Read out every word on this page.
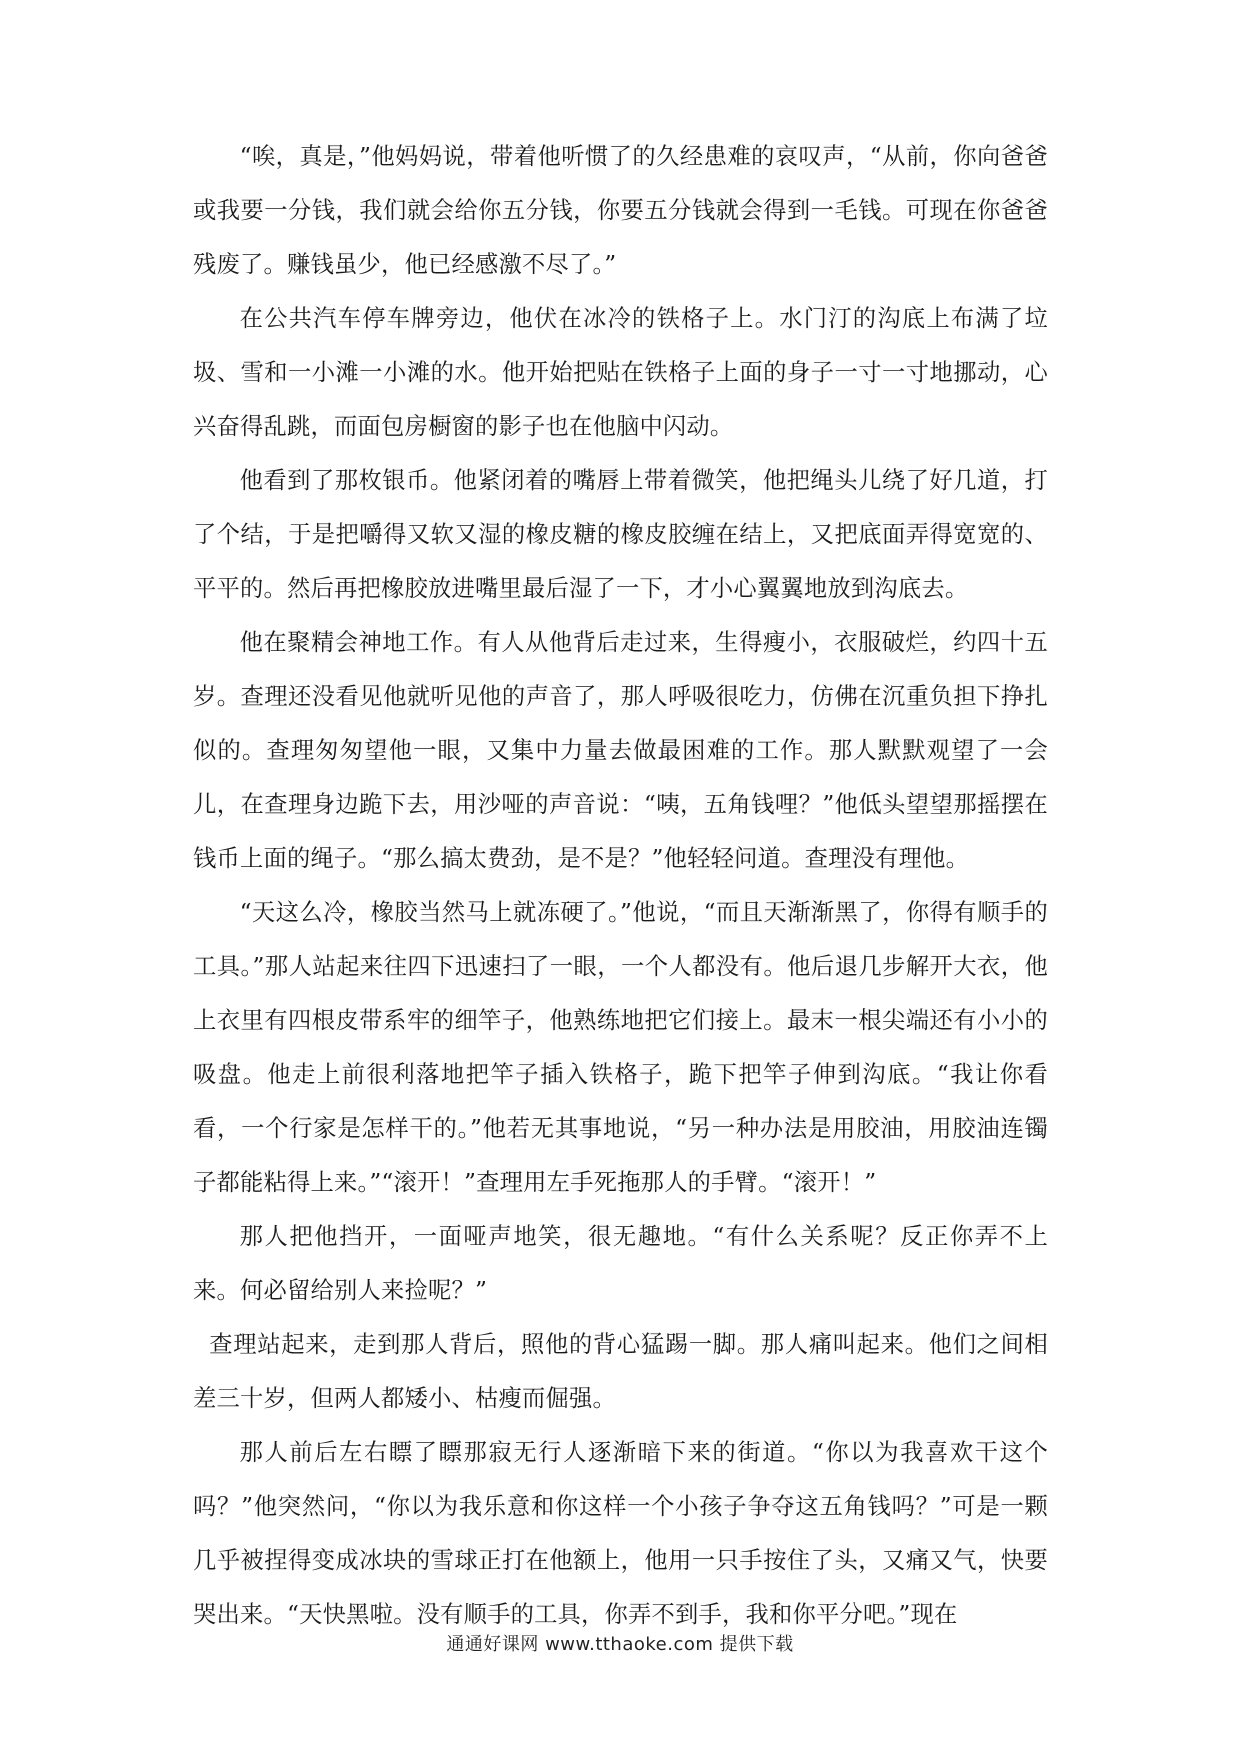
“唉，真是，”他妈妈说，带着他听惯了的久经患难的哀叹声，“从前，你向爸爸或我要一分钱，我们就会给你五分钱，你要五分钱就会得到一毛钱。可现在你爸爸残废了。赚钱虽少，他已经感激不尽了。”

在公共汽车停车牌旁边，他伏在冰冷的铁格子上。水门汀的沟底上布满了垃圾、雪和一小滩一小滩的水。他开始把贴在铁格子上面的身子一寸一寸地挪动，心兴奋得乱跳，而面包房橱窗的影子也在他脑中闪动。

他看到了那枚银币。他紧闭着的嘴唇上带着微笑，他把绳头儿绕了好几道，打了个结，于是把嚼得又软又湿的橡皮糖的橡皮胶缠在结上，又把底面弄得宽宽的、平平的。然后再把橡胶放进嘴里最后湿了一下，才小心翼翼地放到沟底去。

他在聚精会神地工作。有人从他背后走过来，生得瘦小，衣服破烂，约四十五岁。查理还没看见他就听见他的声音了，那人呼吸很吃力，仿佛在沉重负担下挣扎似的。查理匆匆望他一眼，又集中力量去做最困难的工作。那人默默观望了一会儿，在查理身边跪下去，用沙哑的声音说：“咦，五角钱哩？”他低头望望那摇摆在钱币上面的绳子。“那么搞太费劲，是不是？”他轻轻问道。查理没有理他。

“天这么冷，橡胶当然马上就冻硬了。”他说，“而且天渐渐黑了，你得有顺手的工具。”那人站起来往四下迅速扫了一眼，一个人都没有。他后退几步解开大衣，他上衣里有四根皮带系牢的细竿子，他熟练地把它们接上。最末一根尖端还有小小的吸盘。他走上前很利落地把竿子插入铁格子，跪下把竿子伸到沟底。“我让你看看，一个行家是怎样干的。”他若无其事地说，“另一种办法是用胶油，用胶油连镯子都能粘得上来。”“滚开！”查理用左手死拖那人的手臂。“滚开！”

那人把他挡开，一面哑声地笑，很无趣地。“有什么关系呢？反正你弄不上来。何必留给别人来捡呢？”

查理站起来，走到那人背后，照他的背心猛踢一脚。那人痛叫起来。他们之间相差三十岁，但两人都矮小、枯瘦而倔强。

那人前后左右瞟了瞟那寂无行人逐渐暗下来的街道。“你以为我喜欢干这个吗？”他突然问，“你以为我乐意和你这样一个小孩子争夺这五角钱吗？”可是一颗几乎被捏得变成冰块的雪球正打在他额上，他用一只手按住了头，又痛又气，快要哭出来。“天快黑啦。没有顺手的工具，你弄不到手，我和你平分吧。”现在

通通好课网 www.tthaoke.com 提供下载
